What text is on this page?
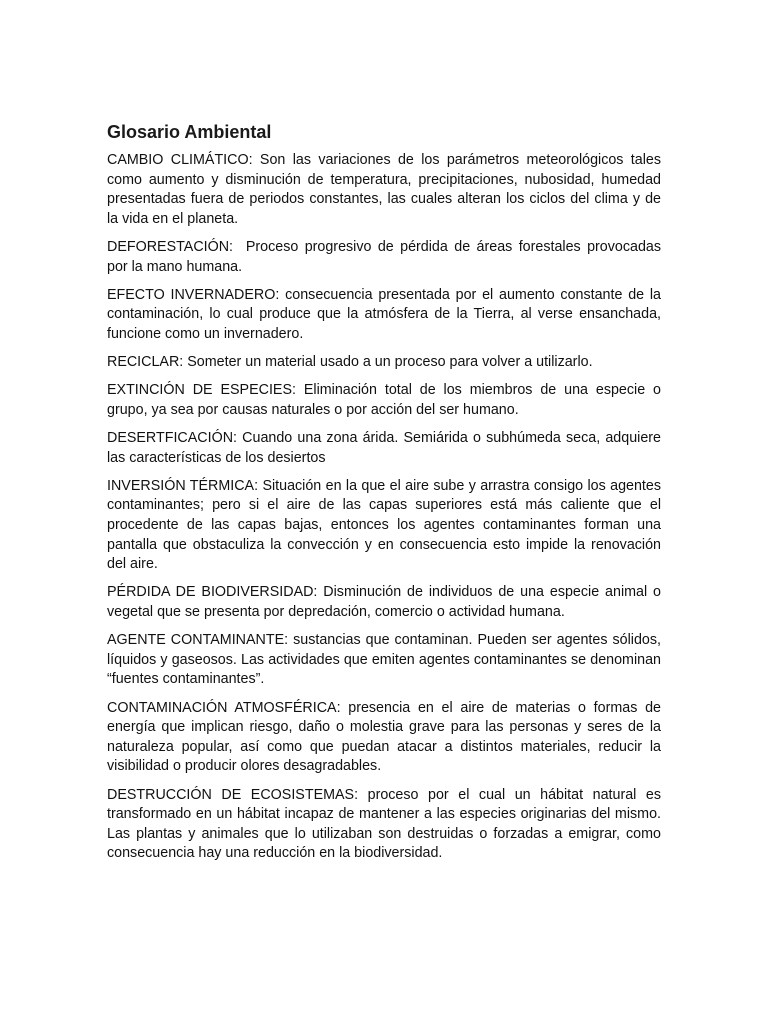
Glosario Ambiental

CAMBIO CLIMÁTICO: Son las variaciones de los parámetros meteorológicos tales como aumento y disminución de temperatura, precipitaciones, nubosidad, humedad presentadas fuera de periodos constantes, las cuales alteran los ciclos del clima y de la vida en el planeta.

DEFORESTACIÓN:  Proceso progresivo de pérdida de áreas forestales provocadas por la mano humana.

EFECTO INVERNADERO: consecuencia presentada por el aumento constante de la contaminación, lo cual produce que la atmósfera de la Tierra, al verse ensanchada, funcione como un invernadero.

RECICLAR: Someter un material usado a un proceso para volver a utilizarlo.

EXTINCIÓN DE ESPECIES: Eliminación total de los miembros de una especie o grupo, ya sea por causas naturales o por acción del ser humano.

DESERTFICACIÓN: Cuando una zona árida. Semiárida o subhúmeda seca, adquiere las características de los desiertos

INVERSIÓN TÉRMICA: Situación en la que el aire sube y arrastra consigo los agentes contaminantes; pero si el aire de las capas superiores está más caliente que el procedente de las capas bajas, entonces los agentes contaminantes forman una pantalla que obstaculiza la convección y en consecuencia esto impide la renovación del aire.

PÉRDIDA DE BIODIVERSIDAD: Disminución de individuos de una especie animal o vegetal que se presenta por depredación, comercio o actividad humana.

AGENTE CONTAMINANTE: sustancias que contaminan. Pueden ser agentes sólidos, líquidos y gaseosos. Las actividades que emiten agentes contaminantes se denominan “fuentes contaminantes”.

CONTAMINACIÓN ATMOSFÉRICA: presencia en el aire de materias o formas de energía que implican riesgo, daño o molestia grave para las personas y seres de la naturaleza popular, así como que puedan atacar a distintos materiales, reducir la visibilidad o producir olores desagradables.

DESTRUCCIÓN DE ECOSISTEMAS: proceso por el cual un hábitat natural es transformado en un hábitat incapaz de mantener a las especies originarias del mismo. Las plantas y animales que lo utilizaban son destruidas o forzadas a emigrar, como consecuencia hay una reducción en la biodiversidad.
